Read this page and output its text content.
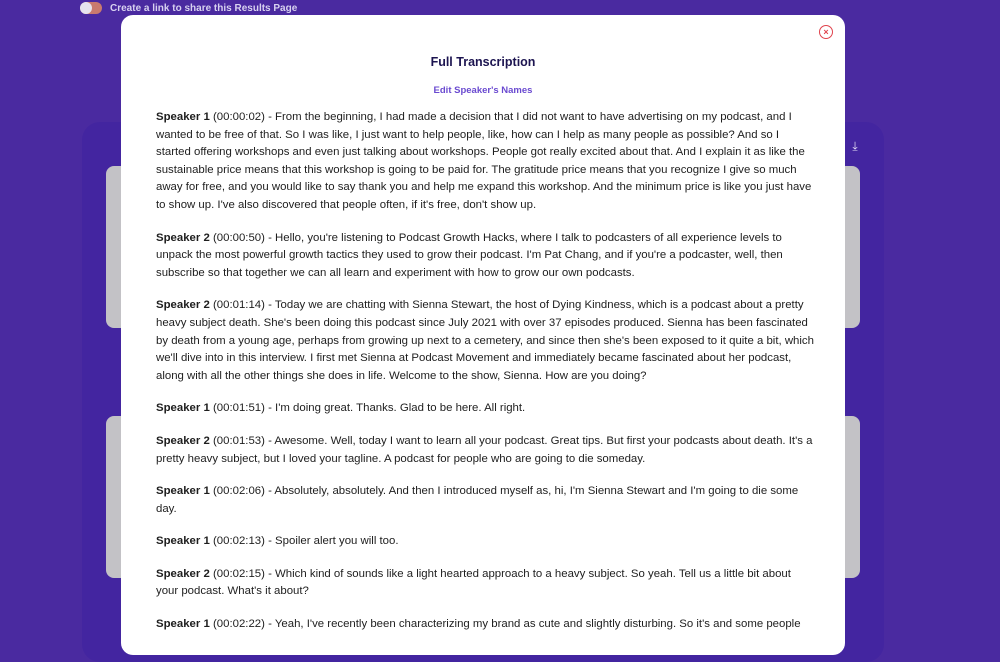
Create a link to share this Results Page
⤓
×
Full Transcription
Edit Speaker's Names

Speaker 1 (00:00:02) - From the beginning, I had made a decision that I did not want to have advertising on my podcast, and I wanted to be free of that. So I was like, I just want to help people, like, how can I help as many people as possible? And so I started offering workshops and even just talking about workshops. People got really excited about that. And I explain it as like the sustainable price means that this workshop is going to be paid for. The gratitude price means that you recognize I give so much away for free, and you would like to say thank you and help me expand this workshop. And the minimum price is like you just have to show up. I've also discovered that people often, if it's free, don't show up.

Speaker 2 (00:00:50) - Hello, you're listening to Podcast Growth Hacks, where I talk to podcasters of all experience levels to unpack the most powerful growth tactics they used to grow their podcast. I'm Pat Chang, and if you're a podcaster, well, then subscribe so that together we can all learn and experiment with how to grow our own podcasts.

Speaker 2 (00:01:14) - Today we are chatting with Sienna Stewart, the host of Dying Kindness, which is a podcast about a pretty heavy subject death. She's been doing this podcast since July 2021 with over 37 episodes produced. Sienna has been fascinated by death from a young age, perhaps from growing up next to a cemetery, and since then she's been exposed to it quite a bit, which we'll dive into in this interview. I first met Sienna at Podcast Movement and immediately became fascinated about her podcast, along with all the other things she does in life. Welcome to the show, Sienna. How are you doing?

Speaker 1 (00:01:51) - I'm doing great. Thanks. Glad to be here. All right.

Speaker 2 (00:01:53) - Awesome. Well, today I want to learn all your podcast. Great tips. But first your podcasts about death. It's a pretty heavy subject, but I loved your tagline. A podcast for people who are going to die someday.

Speaker 1 (00:02:06) - Absolutely, absolutely. And then I introduced myself as, hi, I'm Sienna Stewart and I'm going to die some day.

Speaker 1 (00:02:13) - Spoiler alert you will too.

Speaker 2 (00:02:15) - Which kind of sounds like a light hearted approach to a heavy subject. So yeah. Tell us a little bit about your podcast. What's it about?

Speaker 1 (00:02:22) - Yeah, I've recently been characterizing my brand as cute and slightly disturbing. So it's and some people
